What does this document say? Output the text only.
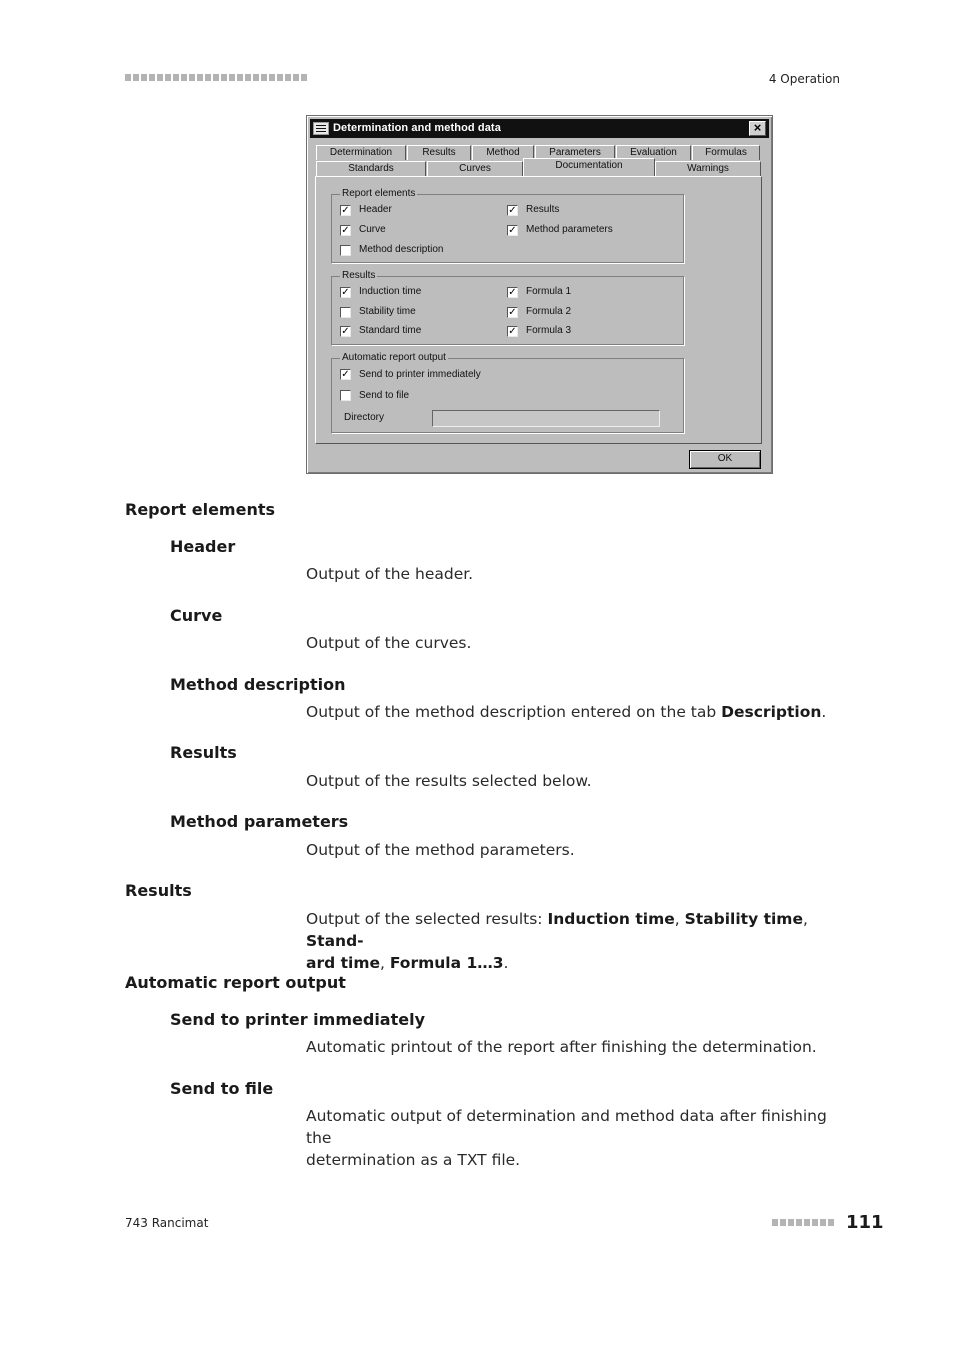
4 Operation
Determination and method data	×
Determination	Results	Method	Parameters	Evaluation	Formulas
Standards	Curves	Documentation	Warnings
Report elements
✓
Header ✓	Results
✓
Curve ✓	Method parameters
Method description
Results
✓
Induction time ✓	Formula 1
Stability time ✓	Formula 2
✓
Standard time ✓	Formula 3
Automatic report output
✓
Send to printer immediately
Send to file
Directory
OK
Report elements
Header
Output of the header.
Curve
Output of the curves.
Method description
Output of the method description entered on the tab Description.
Results
Output of the results selected below.
Method parameters
Output of the method parameters.
Results
Output of the selected results: Induction time, Stability time, Stand-
ard time, Formula 1…3.
Automatic report output
Send to printer immediately
Automatic printout of the report after finishing the determination.
Send to file
Automatic output of determination and method data after finishing the
determination as a TXT file.
743 Rancimat	111
